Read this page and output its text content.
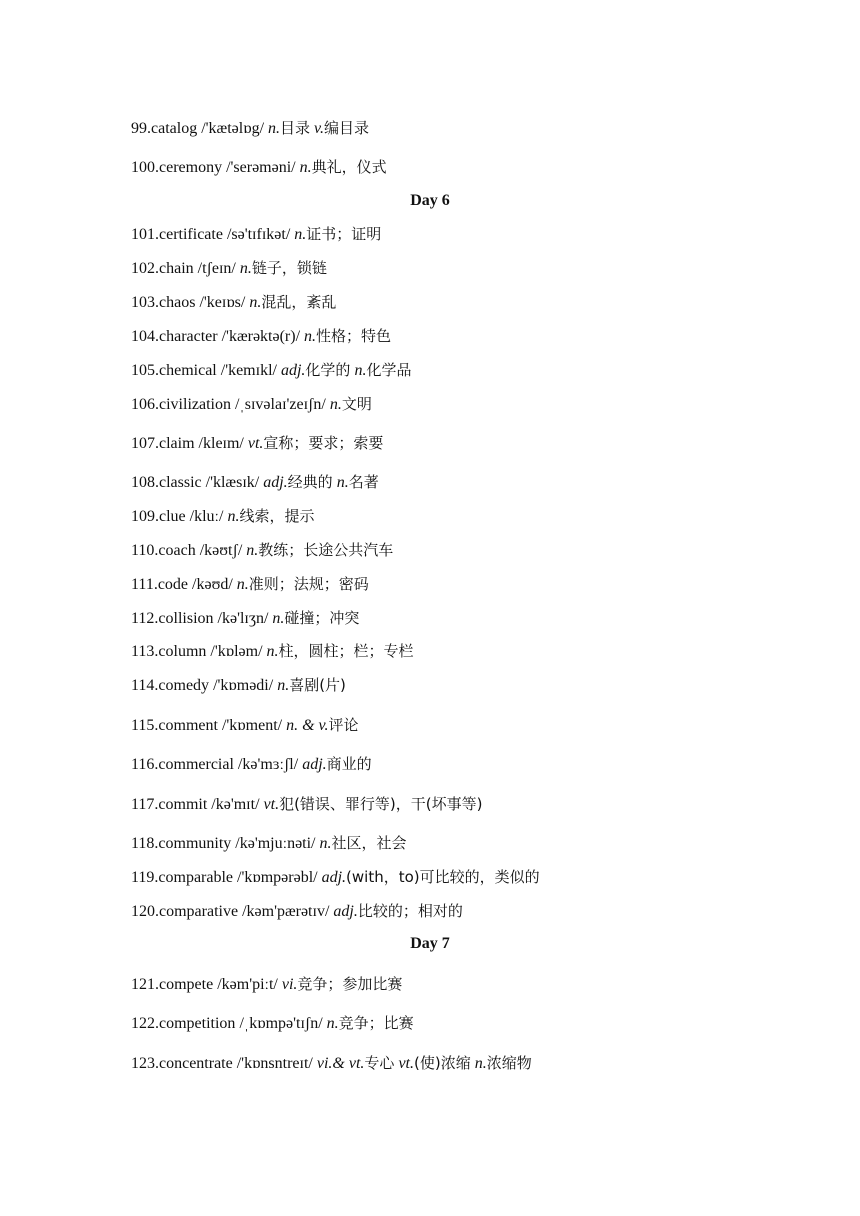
99.catalog /'kætəlɒg/ n.目录 v.编目录
100.ceremony /'serəməni/ n.典礼，仪式
Day 6
101.certificate /sə'tɪfɪkət/ n.证书；证明
102.chain /tʃeɪn/ n.链子，锁链
103.chaos /'keɪɒs/ n.混乱，紊乱
104.character /'kærəktə(r)/ n.性格；特色
105.chemical /'kemɪkl/ adj.化学的 n.化学品
106.civilization /ˌsɪvəlaɪ'zeɪʃn/ n.文明
107.claim /kleɪm/ vt.宣称；要求；索要
108.classic /'klæsɪk/ adj.经典的 n.名著
109.clue /kluː/ n.线索，提示
110.coach /kəʊtʃ/ n.教练；长途公共汽车
111.code /kəʊd/ n.准则；法规；密码
112.collision /kə'lɪʒn/ n.碰撞；冲突
113.column /'kɒləm/ n.柱，圆柱；栏；专栏
114.comedy /'kɒmədi/ n.喜剧(片)
115.comment /'kɒment/ n. & v.评论
116.commercial /kə'mɜːʃl/ adj.商业的
117.commit /kə'mɪt/ vt.犯(错误、罪行等)，干(坏事等)
118.community /kə'mjuːnəti/ n.社区，社会
119.comparable /'kɒmpərəbl/ adj.(with，to)可比较的，类似的
120.comparative /kəm'pærətɪv/ adj.比较的；相对的
Day 7
121.compete /kəm'piːt/ vi.竞争；参加比赛
122.competition /ˌkɒmpə'tɪʃn/ n.竞争；比赛
123.concentrate /'kɒnsntreɪt/ vi.& vt.专心 vt.(使)浓缩 n.浓缩物
